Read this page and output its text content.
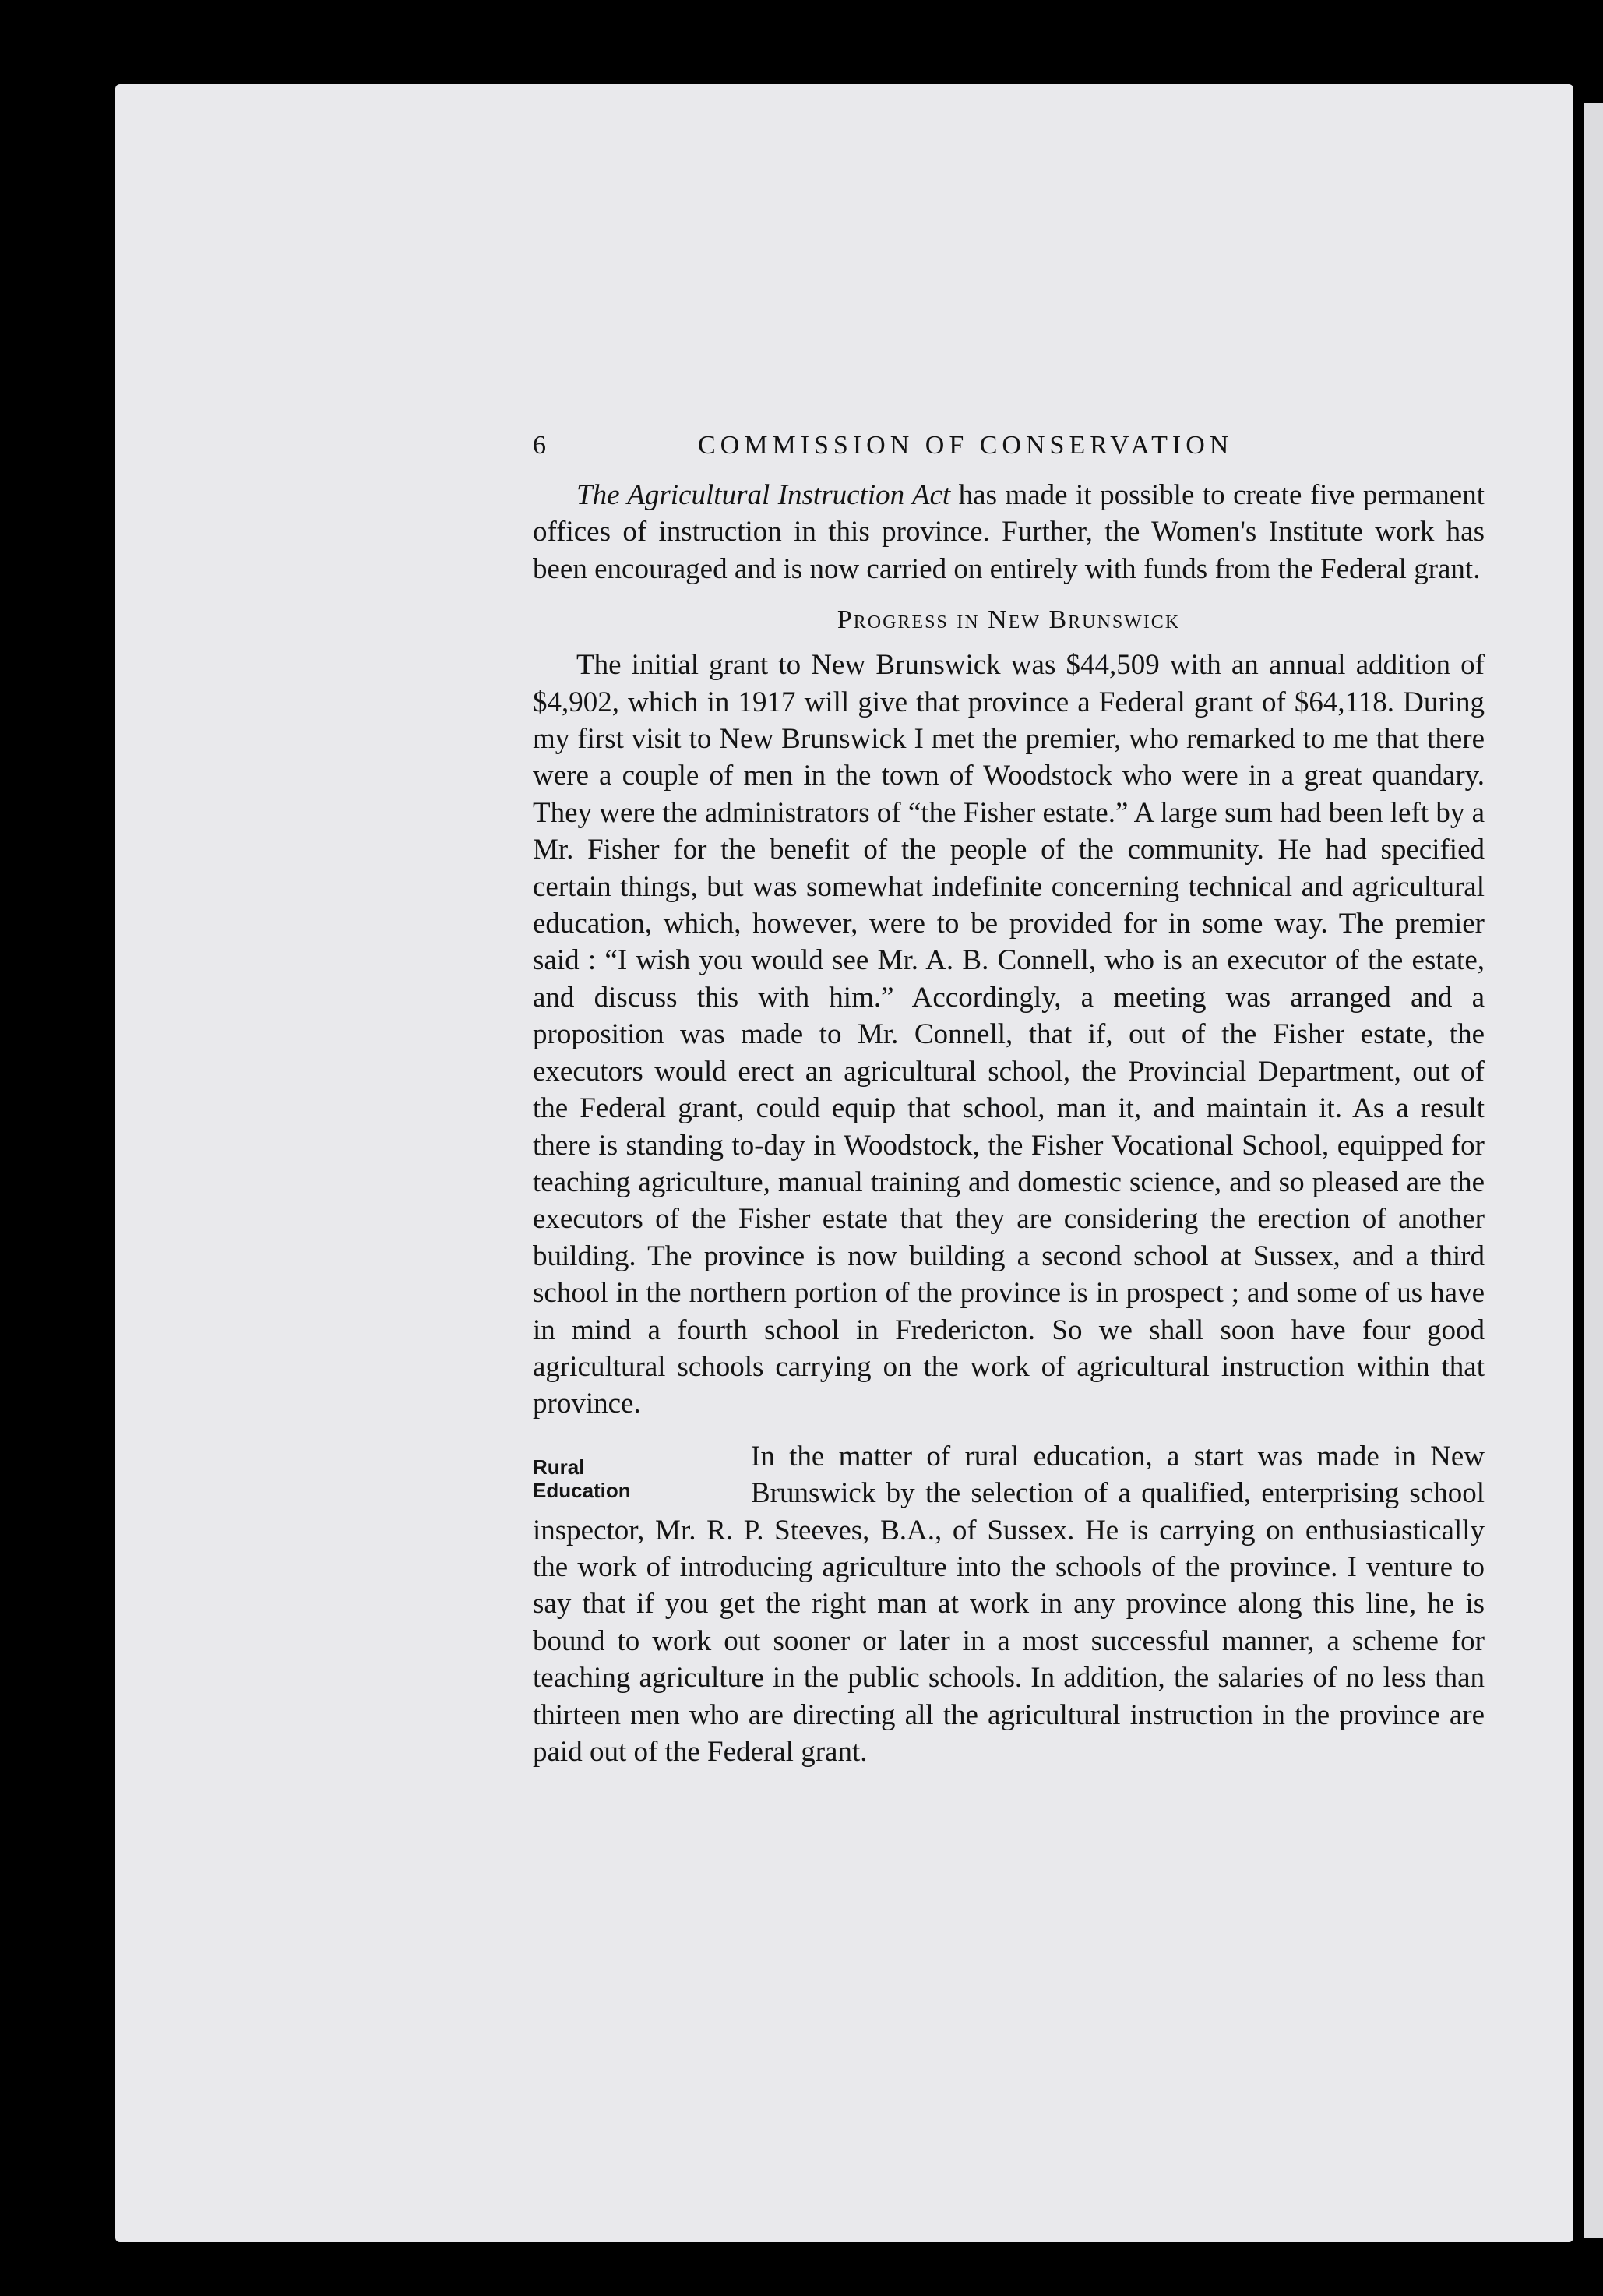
6	COMMISSION OF CONSERVATION

The Agricultural Instruction Act has made it possible to create five permanent offices of instruction in this province. Further, the Women's Institute work has been encouraged and is now carried on entirely with funds from the Federal grant.

Progress in New Brunswick

The initial grant to New Brunswick was $44,509 with an annual addition of $4,902, which in 1917 will give that province a Federal grant of $64,118. During my first visit to New Brunswick I met the premier, who remarked to me that there were a couple of men in the town of Woodstock who were in a great quandary. They were the administrators of “the Fisher estate.” A large sum had been left by a Mr. Fisher for the benefit of the people of the community. He had specified certain things, but was somewhat indefinite concerning technical and agricultural education, which, however, were to be provided for in some way. The premier said : “I wish you would see Mr. A. B. Connell, who is an executor of the estate, and discuss this with him.” Accordingly, a meeting was arranged and a proposition was made to Mr. Connell, that if, out of the Fisher estate, the executors would erect an agricultural school, the Provincial Department, out of the Federal grant, could equip that school, man it, and maintain it. As a result there is standing to-day in Woodstock, the Fisher Vocational School, equipped for teaching agriculture, manual training and domestic science, and so pleased are the executors of the Fisher estate that they are considering the erection of another building. The province is now building a second school at Sussex, and a third school in the northern portion of the province is in prospect ; and some of us have in mind a fourth school in Fredericton. So we shall soon have four good agricultural schools carrying on the work of agricultural instruction within that province.

Rural
Education

In the matter of rural education, a start was made in New Brunswick by the selection of a qualified, enterprising school inspector, Mr. R. P. Steeves, B.A., of Sussex. He is carrying on enthusiastically the work of introducing agriculture into the schools of the province. I venture to say that if you get the right man at work in any province along this line, he is bound to work out sooner or later in a most successful manner, a scheme for teaching agriculture in the public schools. In addition, the salaries of no less than thirteen men who are directing all the agricultural instruction in the province are paid out of the Federal grant.
